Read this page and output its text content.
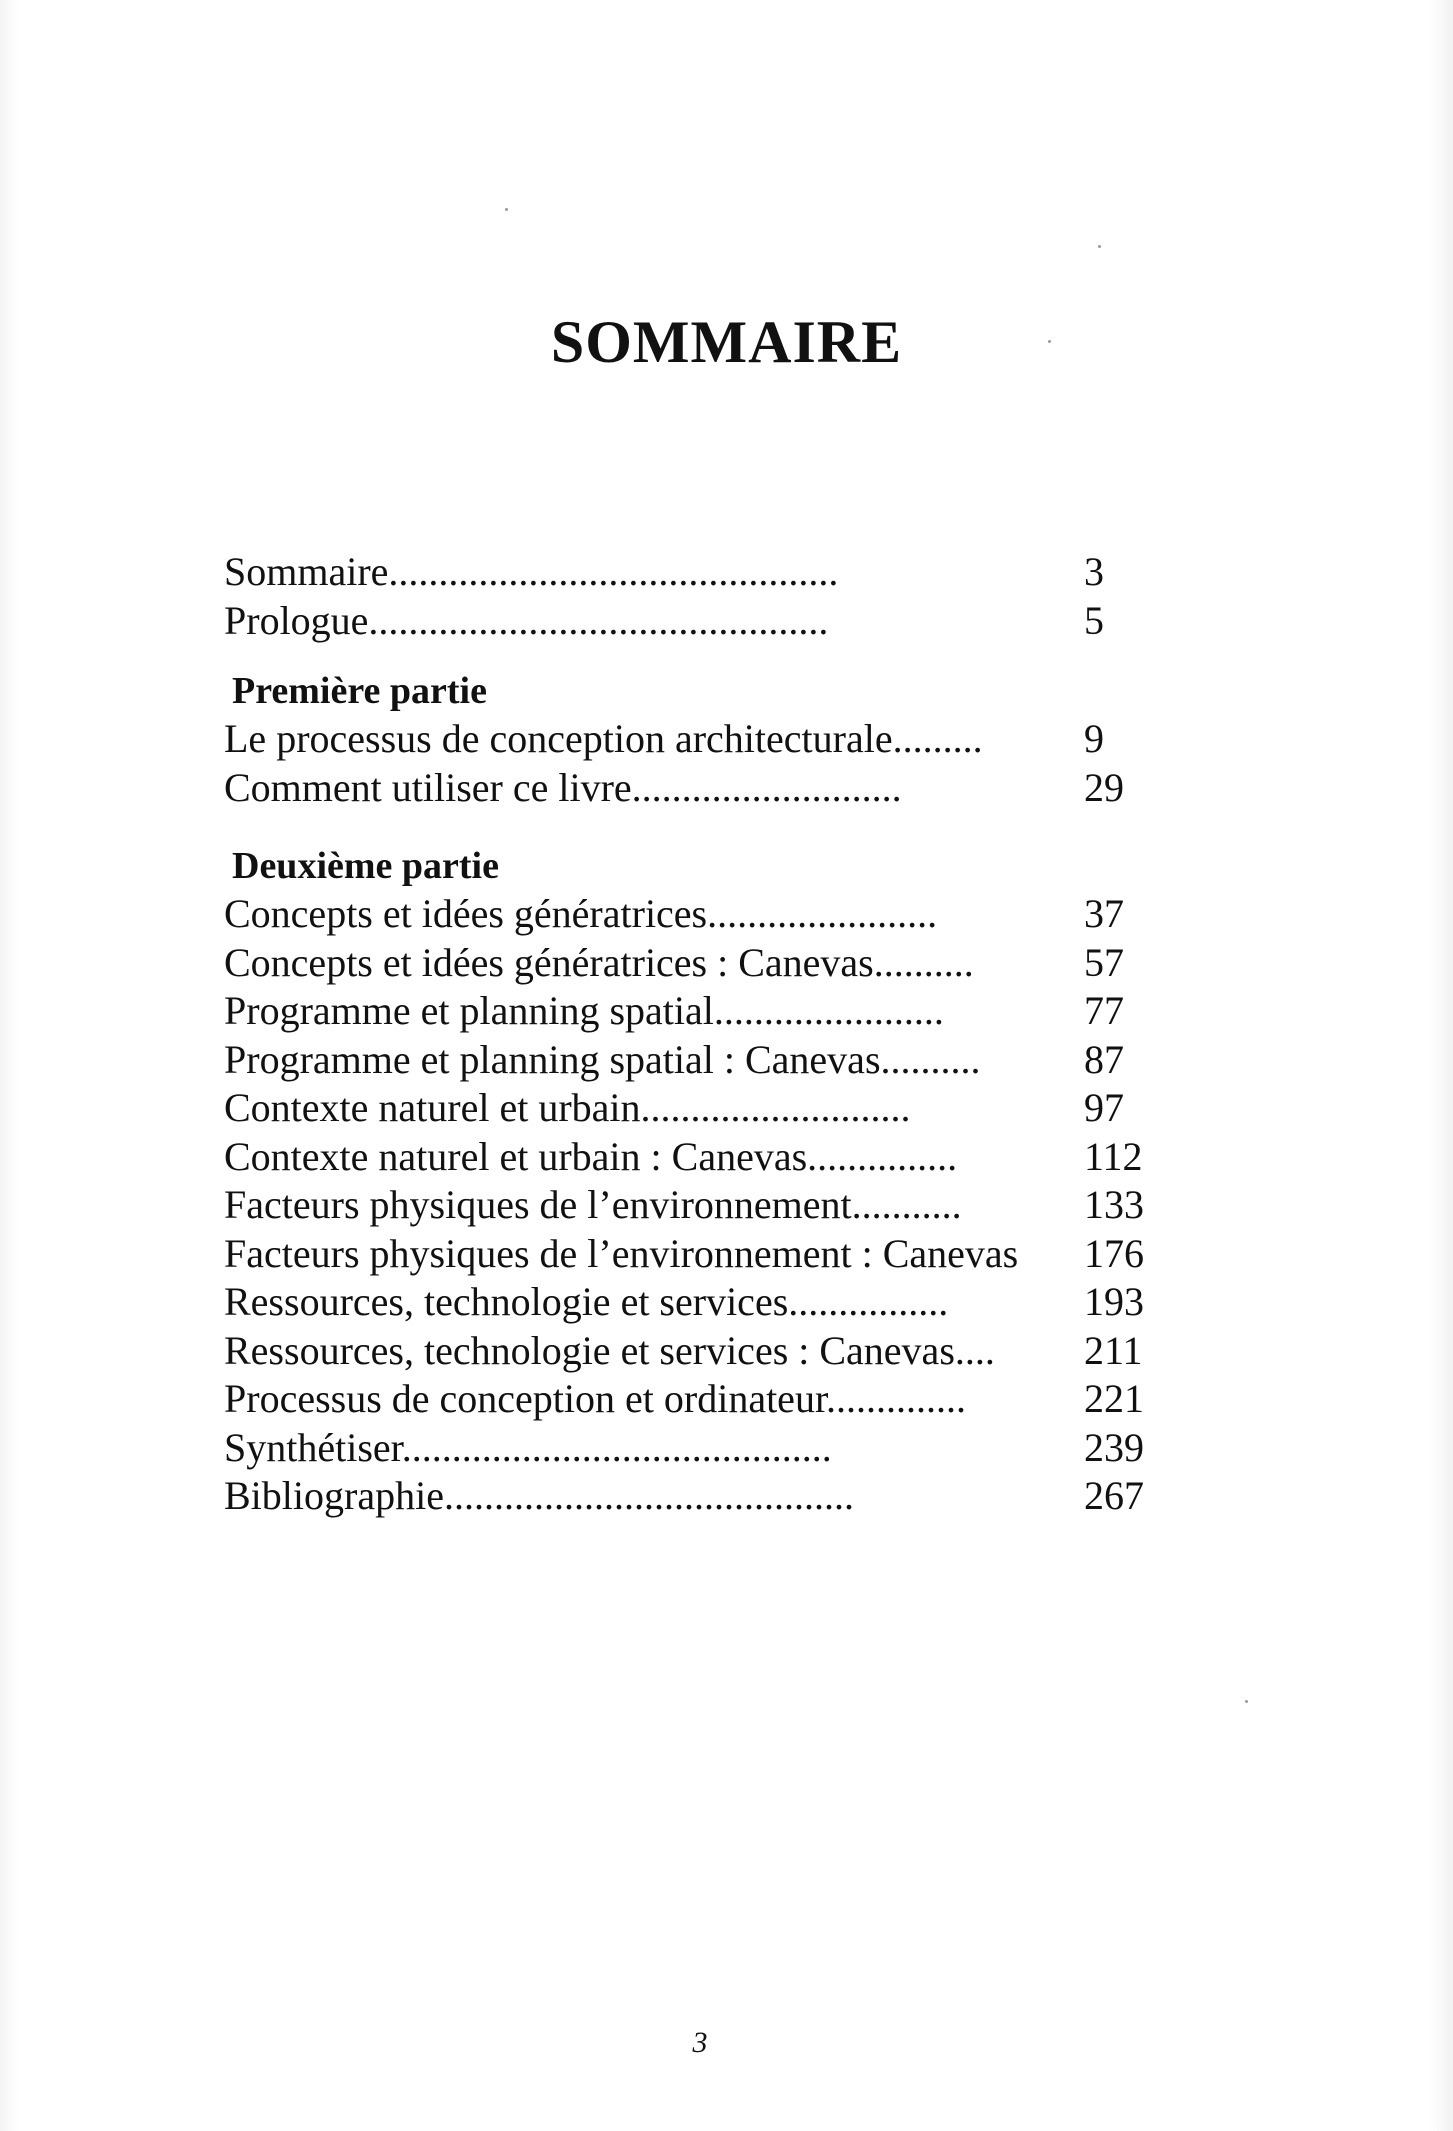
SOMMAIRE
Sommaire.............................................	3
Prologue..............................................	5
Première partie
Le processus de conception architecturale.........	9
Comment utiliser ce livre...........................	29
Deuxième partie
Concepts et idées génératrices.......................	37
Concepts et idées génératrices : Canevas..........	57
Programme et planning spatial.......................	77
Programme et planning spatial : Canevas..........	87
Contexte naturel et urbain...........................	97
Contexte naturel et urbain : Canevas...............	112
Facteurs physiques de l’environnement...........	133
Facteurs physiques de l’environnement : Canevas	176
Ressources, technologie et services................	193
Ressources, technologie et services : Canevas....	211
Processus de conception et ordinateur..............	221
Synthétiser...........................................	239
Bibliographie.........................................	267
3
